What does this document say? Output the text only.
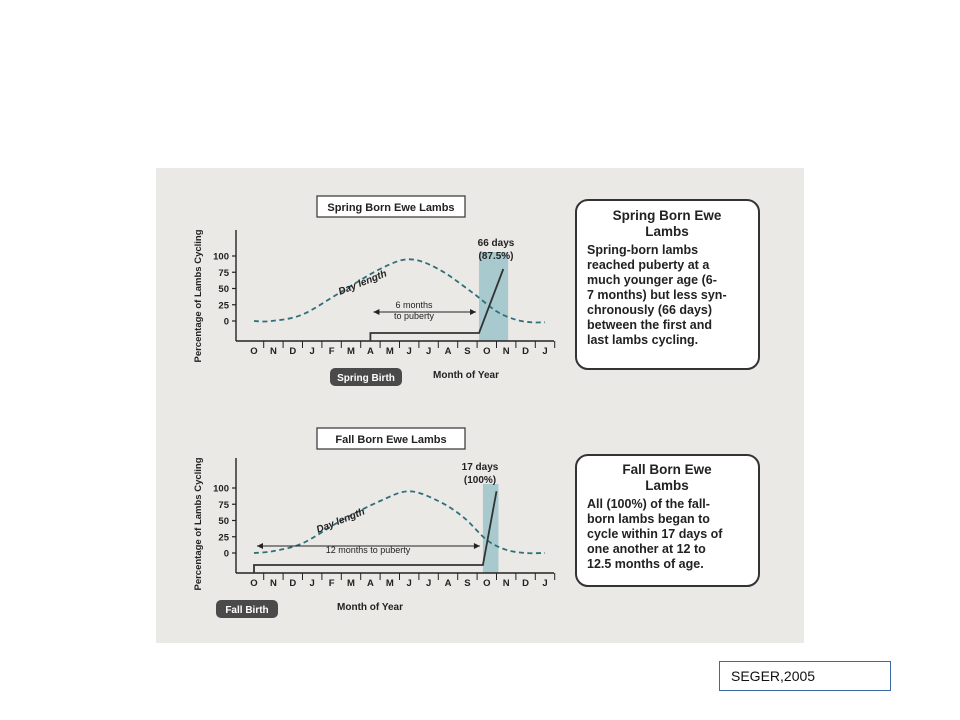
Spring Born Ewe Lambs
Percentage of Lambs Cycling 0
25
50
75
100
O N D J F M A M J J A S O N D J
Day length
6 months
to puberty
66 days
(87.5%)
Spring Birth	Month of Year
Fall Born Ewe Lambs
Percentage of Lambs Cycling 0
25
50
75
100
O N D J F M A M J J A S O N D J
Day length
12 months to puberty
17 days
(100%)
Fall Birth	Month of Year
Spring Born Ewe
Lambs
Spring-born lambs
reached puberty at a
much younger age (6-
7 months) but less syn-
chronously (66 days)
between the first and
last lambs cycling.
Fall Born Ewe
Lambs
All (100%) of the fall-
born lambs began to
cycle within 17 days of
one another at 12 to
12.5 months of age.
SEGER,2005
